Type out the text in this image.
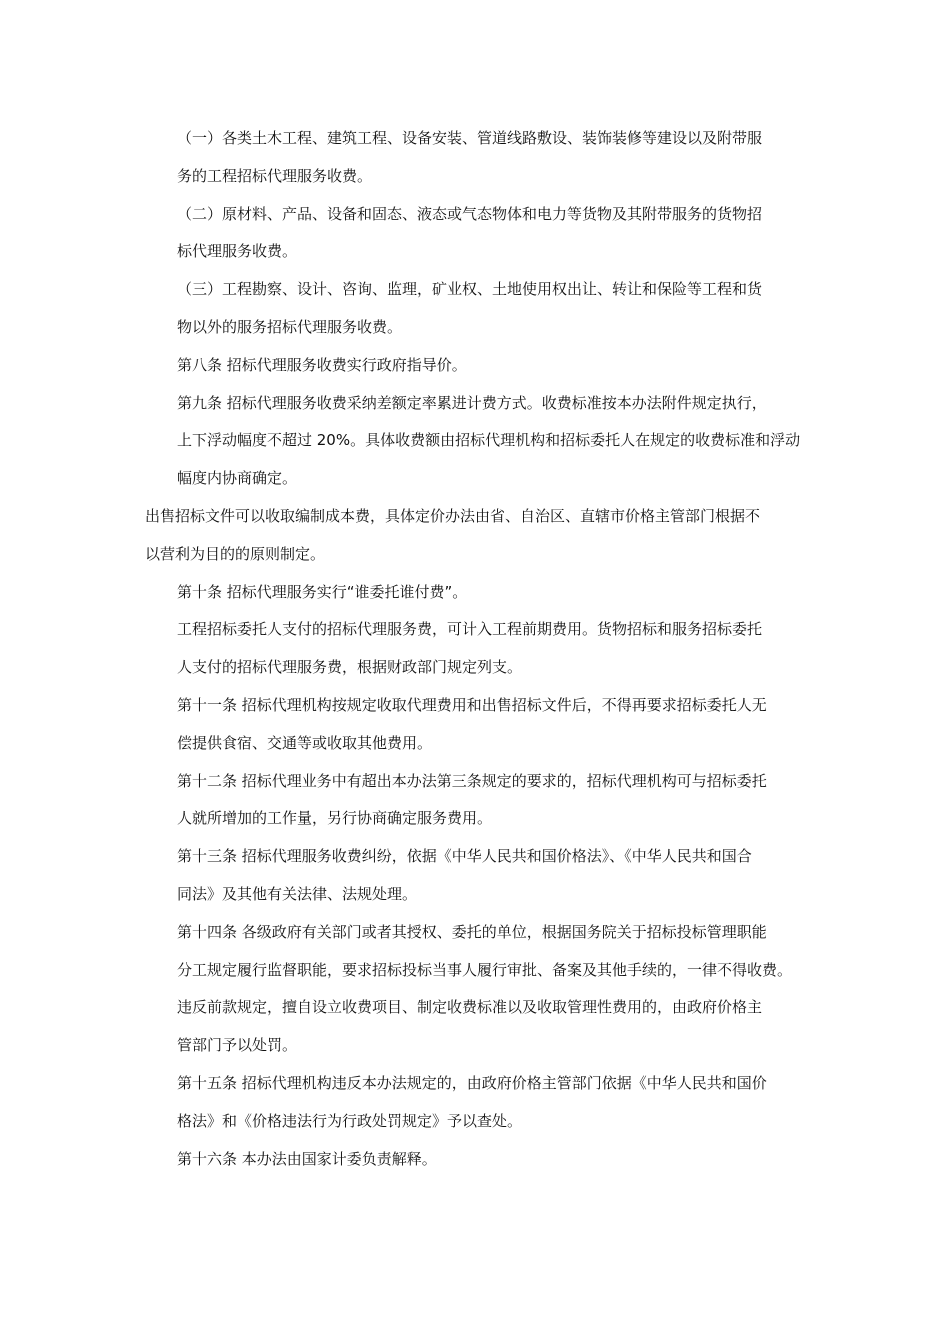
（一）各类土木工程、建筑工程、设备安装、管道线路敷设、装饰装修等建设以及附带服
务的工程招标代理服务收费。

（二）原材料、产品、设备和固态、液态或气态物体和电力等货物及其附带服务的货物招
标代理服务收费。

（三）工程勘察、设计、咨询、监理，矿业权、土地使用权出让、转让和保险等工程和货
物以外的服务招标代理服务收费。

第八条 招标代理服务收费实行政府指导价。

第九条 招标代理服务收费采纳差额定率累进计费方式。收费标准按本办法附件规定执行，
上下浮动幅度不超过 20%。具体收费额由招标代理机构和招标委托人在规定的收费标准和浮动
幅度内协商确定。

出售招标文件可以收取编制成本费，具体定价办法由省、自治区、直辖市价格主管部门根据不
以营利为目的的原则制定。

第十条 招标代理服务实行“谁委托谁付费”。

工程招标委托人支付的招标代理服务费，可计入工程前期费用。货物招标和服务招标委托
人支付的招标代理服务费，根据财政部门规定列支。

第十一条 招标代理机构按规定收取代理费用和出售招标文件后，不得再要求招标委托人无
偿提供食宿、交通等或收取其他费用。

第十二条 招标代理业务中有超出本办法第三条规定的要求的，招标代理机构可与招标委托
人就所增加的工作量，另行协商确定服务费用。

第十三条 招标代理服务收费纠纷，依据《中华人民共和国价格法》、《中华人民共和国合
同法》及其他有关法律、法规处理。

第十四条 各级政府有关部门或者其授权、委托的单位，根据国务院关于招标投标管理职能
分工规定履行监督职能，要求招标投标当事人履行审批、备案及其他手续的，一律不得收费。

违反前款规定，擅自设立收费项目、制定收费标准以及收取管理性费用的，由政府价格主
管部门予以处罚。

第十五条 招标代理机构违反本办法规定的，由政府价格主管部门依据《中华人民共和国价
格法》和《价格违法行为行政处罚规定》予以查处。

第十六条 本办法由国家计委负责解释。
